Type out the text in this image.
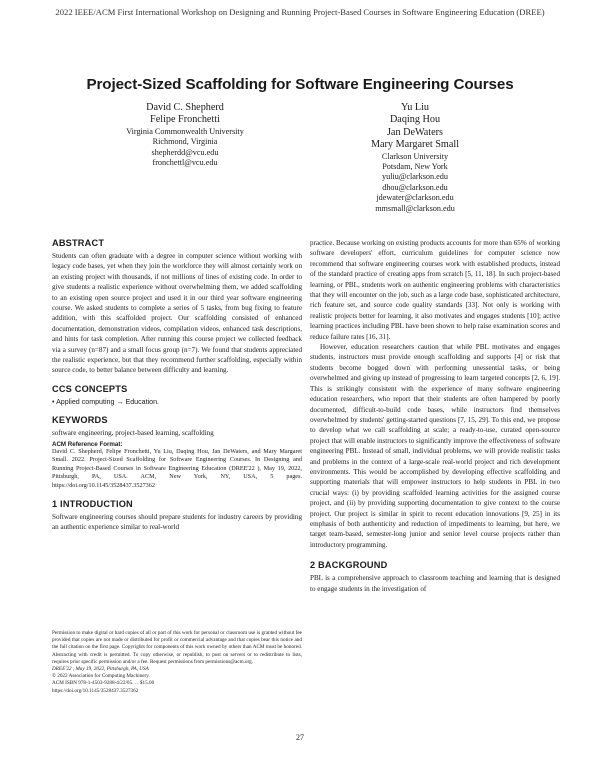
2022 IEEE/ACM First International Workshop on Designing and Running Project-Based Courses in Software Engineering Education (DREE)
Project-Sized Scaffolding for Software Engineering Courses
David C. Shepherd
Felipe Fronchetti
Virginia Commonwealth University
Richmond, Virginia
shepherdd@vcu.edu
fronchettl@vcu.edu
Yu Liu
Daqing Hou
Jan DeWaters
Mary Margaret Small
Clarkson University
Potsdam, New York
yuliu@clarkson.edu
dhou@clarkson.edu
jdewater@clarkson.edu
mmsmall@clarkson.edu
ABSTRACT

Students can often graduate with a degree in computer science without working with legacy code bases, yet when they join the workforce they will almost certainly work on an existing project with thousands, if not millions of lines of existing code. In order to give students a realistic experience without overwhelming them, we added scaffolding to an existing open source project and used it in our third year software engineering course. We asked students to complete a series of 5 tasks, from bug fixing to feature addition, with this scaffolded project. Our scaffolding consisted of enhanced documentation, demonstration videos, compilation videos, enhanced task descriptions, and hints for task completion. After running this course project we collected feedback via a survey (n=87) and a small focus group (n=7). We found that students appreciated the realistic experience, but that they recommend further scaffolding, especially within source code, to better balance between difficulty and learning.

CCS CONCEPTS

• Applied computing → Education.

KEYWORDS

software engineering, project-based learning, scaffolding

ACM Reference Format:

David C. Shepherd, Felipe Fronchetti, Yu Liu, Daqing Hou, Jan DeWaters, and Mary Margaret Small. 2022. Project-Sized Scaffolding for Software Engineering Courses. In Designing and Running Project-Based Courses in Software Engineering Education (DREE'22 ), May 19, 2022, Pittsburgh, PA, USA. ACM, New York, NY, USA, 5 pages. https://doi.org/10.1145/3528437.3527362

1 INTRODUCTION

Software engineering courses should prepare students for industry careers by providing an authentic experience similar to real-world

Permission to make digital or hard copies of all or part of this work for personal or classroom use is granted without fee provided that copies are not made or distributed for profit or commercial advantage and that copies bear this notice and the full citation on the first page. Copyrights for components of this work owned by others than ACM must be honored. Abstracting with credit is permitted. To copy otherwise, or republish, to post on servers or to redistribute to lists, requires prior specific permission and/or a fee. Request permissions from permissions@acm.org.

DREE'22 , May 19, 2022, Pittsburgh, PA, USA

© 2022 Association for Computing Machinery.

ACM ISBN 978-1-4503-9288-4/22/05. . . $15.00

https://doi.org/10.1145/3528437.3527362

practice. Because working on existing products accounts for more than 65% of working software developers' effort, curriculum guidelines for computer science now recommend that software engineering courses work with established products, instead of the standard practice of creating apps from scratch [5, 11, 18]. In such project-based learning, or PBL, students work on authentic engineering problems with characteristics that they will encounter on the job, such as a large code base, sophisticated architecture, rich feature set, and source code quality standards [33]. Not only is working with realistic projects better for learning, it also motivates and engages students [10]; active learning practices including PBL have been shown to help raise examination scores and reduce failure rates [16, 31].

However, education researchers caution that while PBL motivates and engages students, instructors must provide enough scaffolding and supports [4] or risk that students become bogged down with performing unessential tasks, or being overwhelmed and giving up instead of progressing to learn targeted concepts [2, 6, 19]. This is strikingly consistent with the experience of many software engineering education researchers, who report that their students are often hampered by poorly documented, difficult-to-build code bases, while instructors find themselves overwhelmed by students' getting-started questions [7, 15, 29]. To this end, we propose to develop what we call scaffolding at scale; a ready-to-use, curated open-source project that will enable instructors to significantly improve the effectiveness of software engineering PBL. Instead of small, individual problems, we will provide realistic tasks and problems in the context of a large-scale real-world project and rich development environments. This would be accomplished by developing effective scaffolding and supporting materials that will empower instructors to help students in PBL in two crucial ways: (i) by providing scaffolded learning activities for the assigned course project, and (ii) by providing supporting documentation to give context to the course project. Our project is similar in spirit to recent education innovations [9, 25] in its emphasis of both authenticity and reduction of impediments to learning, but here, we target team-based, semester-long junior and senior level course projects rather than introductory programming.

2 BACKGROUND

PBL is a comprehensive approach to classroom teaching and learning that is designed to engage students in the investigation of

27
